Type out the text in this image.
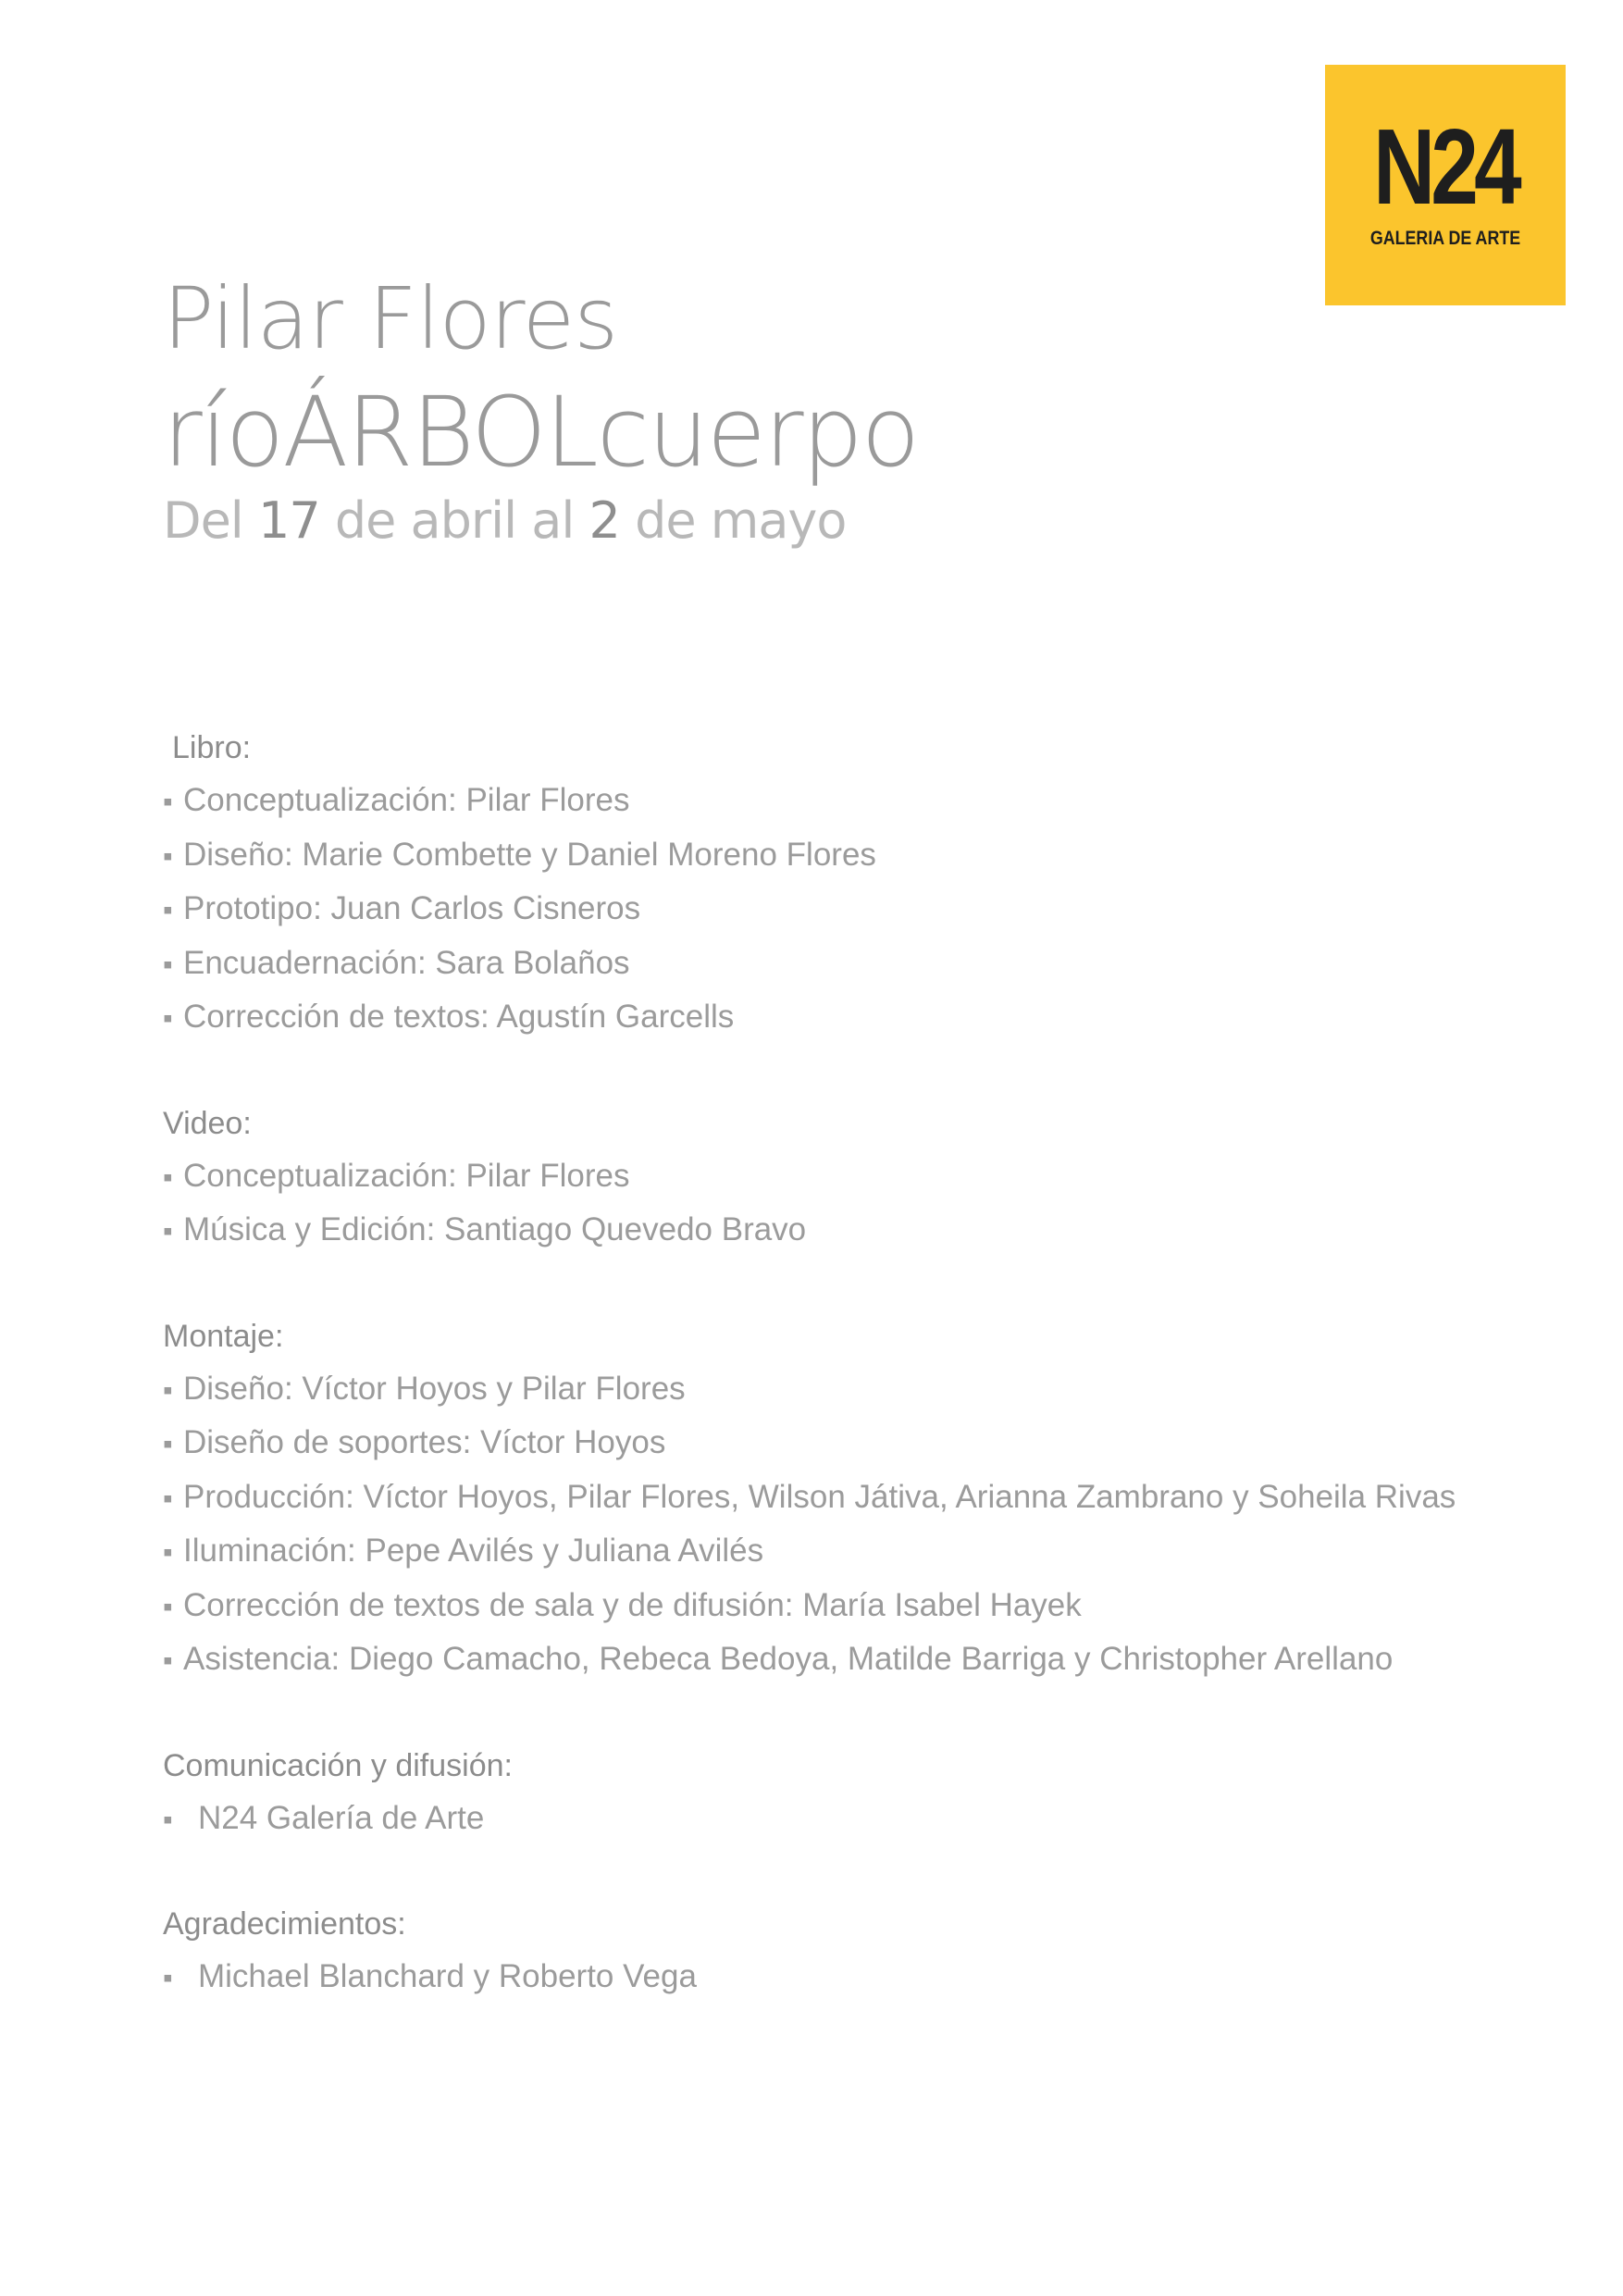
N24
GALERIA DE ARTE
Pilar Flores
ríoÁRBOLcuerpo
Del 17 de abril al 2 de mayo
Libro:
▪ Conceptualización: Pilar Flores
▪ Diseño: Marie Combette y Daniel Moreno Flores
▪ Prototipo: Juan Carlos Cisneros
▪ Encuadernación: Sara Bolaños
▪ Corrección de textos: Agustín Garcells
Video:
▪ Conceptualización: Pilar Flores
▪ Música y Edición: Santiago Quevedo Bravo
Montaje:
▪ Diseño: Víctor Hoyos y Pilar Flores
▪ Diseño de soportes: Víctor Hoyos
▪ Producción: Víctor Hoyos, Pilar Flores, Wilson Játiva, Arianna Zambrano y Soheila Rivas
▪ Iluminación: Pepe Avilés y Juliana Avilés
▪ Corrección de textos de sala y de difusión: María Isabel Hayek
▪ Asistencia: Diego Camacho, Rebeca Bedoya, Matilde Barriga y Christopher Arellano
Comunicación y difusión:
▪ N24 Galería de Arte
Agradecimientos:
▪ Michael Blanchard y Roberto Vega
